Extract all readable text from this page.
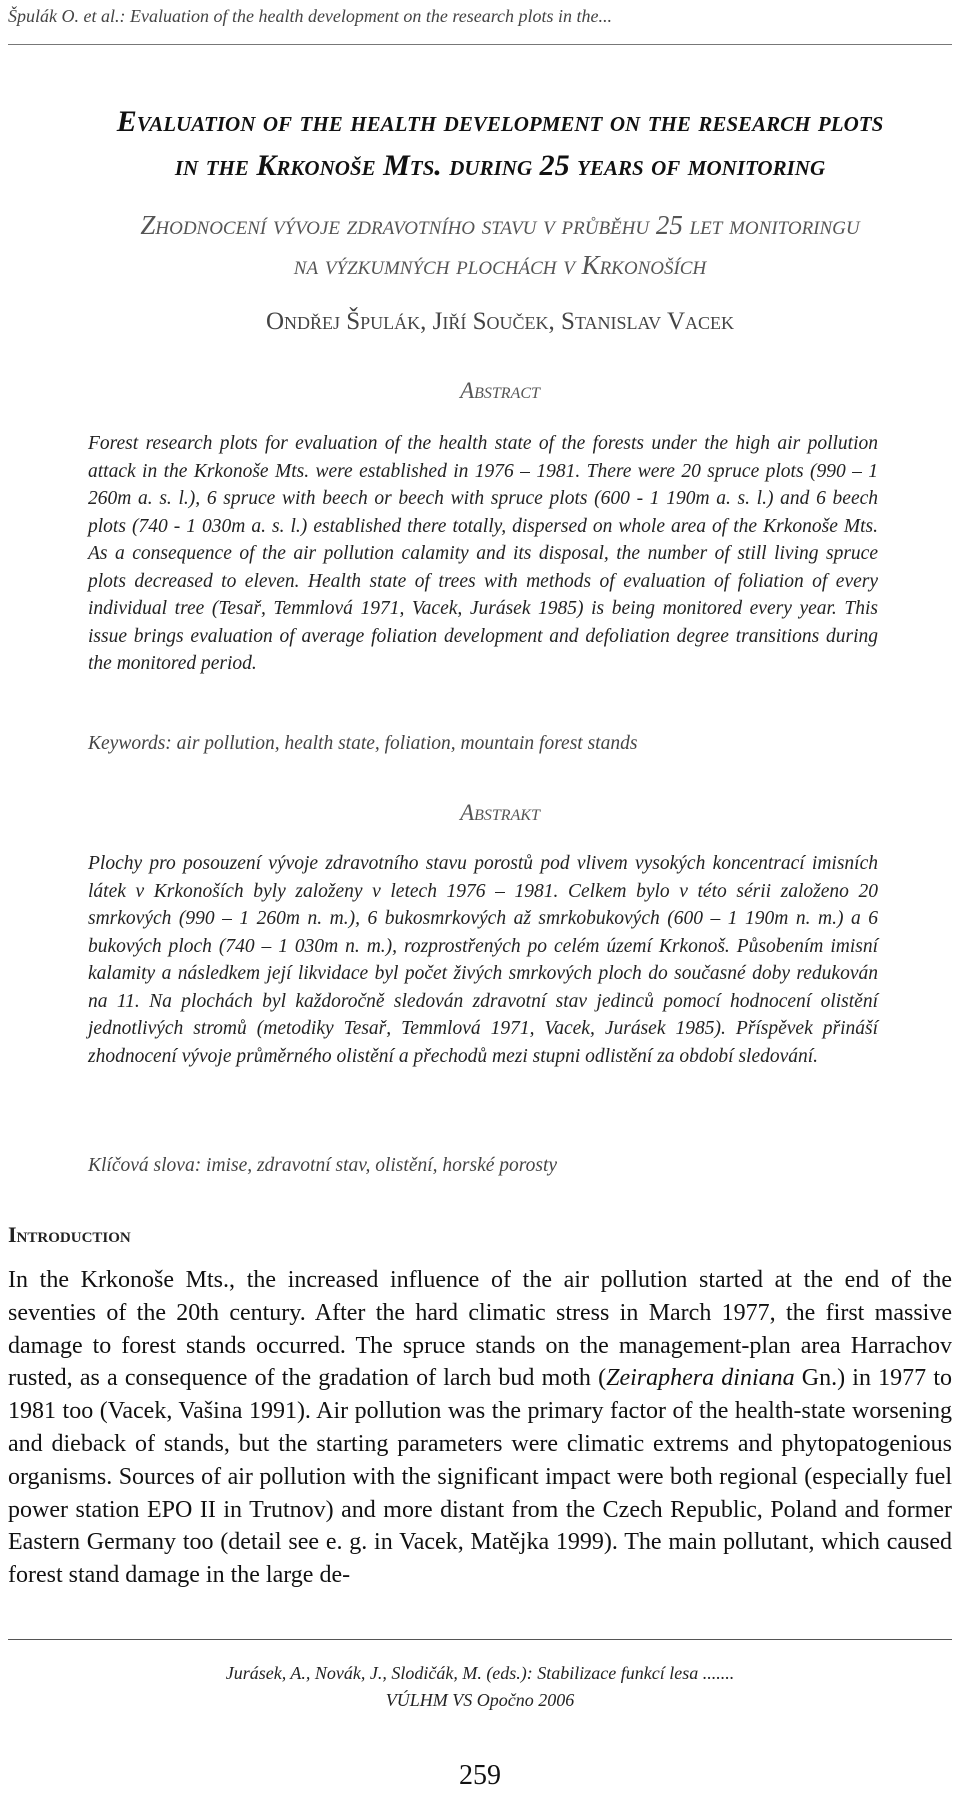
Špulák O. et al.: Evaluation of the health development on the research plots in the...
Evaluation of the health development on the research plots
in the Krkonoše Mts. during 25 years of monitoring
Zhodnocení vývoje zdravotního stavu v průběhu 25 let monitoringu
na výzkumných plochách v Krkonoších
Ondřej Špulák, Jiří Souček, Stanislav Vacek
Abstract

Forest research plots for evaluation of the health state of the forests under the high air pollution attack in the Krkonoše Mts. were established in 1976 – 1981. There were 20 spruce plots (990 – 1 260m a. s. l.), 6 spruce with beech or beech with spruce plots (600 - 1 190m a. s. l.) and 6 beech plots (740 - 1 030m a. s. l.) established there totally, dispersed on whole area of the Krkonoše Mts. As a consequence of the air pollution calamity and its disposal, the number of still living spruce plots decreased to eleven. Health state of trees with methods of evaluation of foliation of every individual tree (Tesař, Temmlová 1971, Vacek, Jurásek 1985) is being monitored every year. This issue brings evaluation of average foliation development and defoliation degree transitions during the monitored period.

Keywords: air pollution, health state, foliation, mountain forest stands

Abstrakt

Plochy pro posouzení vývoje zdravotního stavu porostů pod vlivem vysokých koncentrací imisních látek v Krkonoších byly založeny v letech 1976 – 1981. Celkem bylo v této sérii založeno 20 smrkových (990 – 1 260m n. m.), 6 bukosmrkových až smrkobukových (600 – 1 190m n. m.) a 6 bukových ploch (740 – 1 030m n. m.), rozprostřených po celém území Krkonoš. Působením imisní kalamity a následkem její likvidace byl počet živých smrkových ploch do současné doby redukován na 11. Na plochách byl každoročně sledován zdravotní stav jedinců pomocí hodnocení olistění jednotlivých stromů (metodiky Tesař, Temmlová 1971, Vacek, Jurásek 1985). Příspěvek přináší zhodnocení vývoje průměrného olistění a přechodů mezi stupni odlistění za období sledování.

Klíčová slova: imise, zdravotní stav, olistění, horské porosty

Introduction

In the Krkonoše Mts., the increased influence of the air pollution started at the end of the seventies of the 20th century. After the hard climatic stress in March 1977, the first massive damage to forest stands occurred. The spruce stands on the management-plan area Harrachov rusted, as a consequence of the gradation of larch bud moth (Zeiraphera diniana Gn.) in 1977 to 1981 too (Vacek, Vašina 1991). Air pollution was the primary factor of the health-state worsening and dieback of stands, but the starting parameters were climatic extrems and phytopatogenious organisms. Sources of air pollution with the significant impact were both regional (especially fuel power station EPO II in Trutnov) and more distant from the Czech Republic, Poland and former Eastern Germany too (detail see e. g. in Vacek, Matějka 1999). The main pollutant, which caused forest stand damage in the large de-

Jurásek, A., Novák, J., Slodičák, M. (eds.): Stabilizace funkcí lesa .......
VÚLHM VS Opočno 2006
259
